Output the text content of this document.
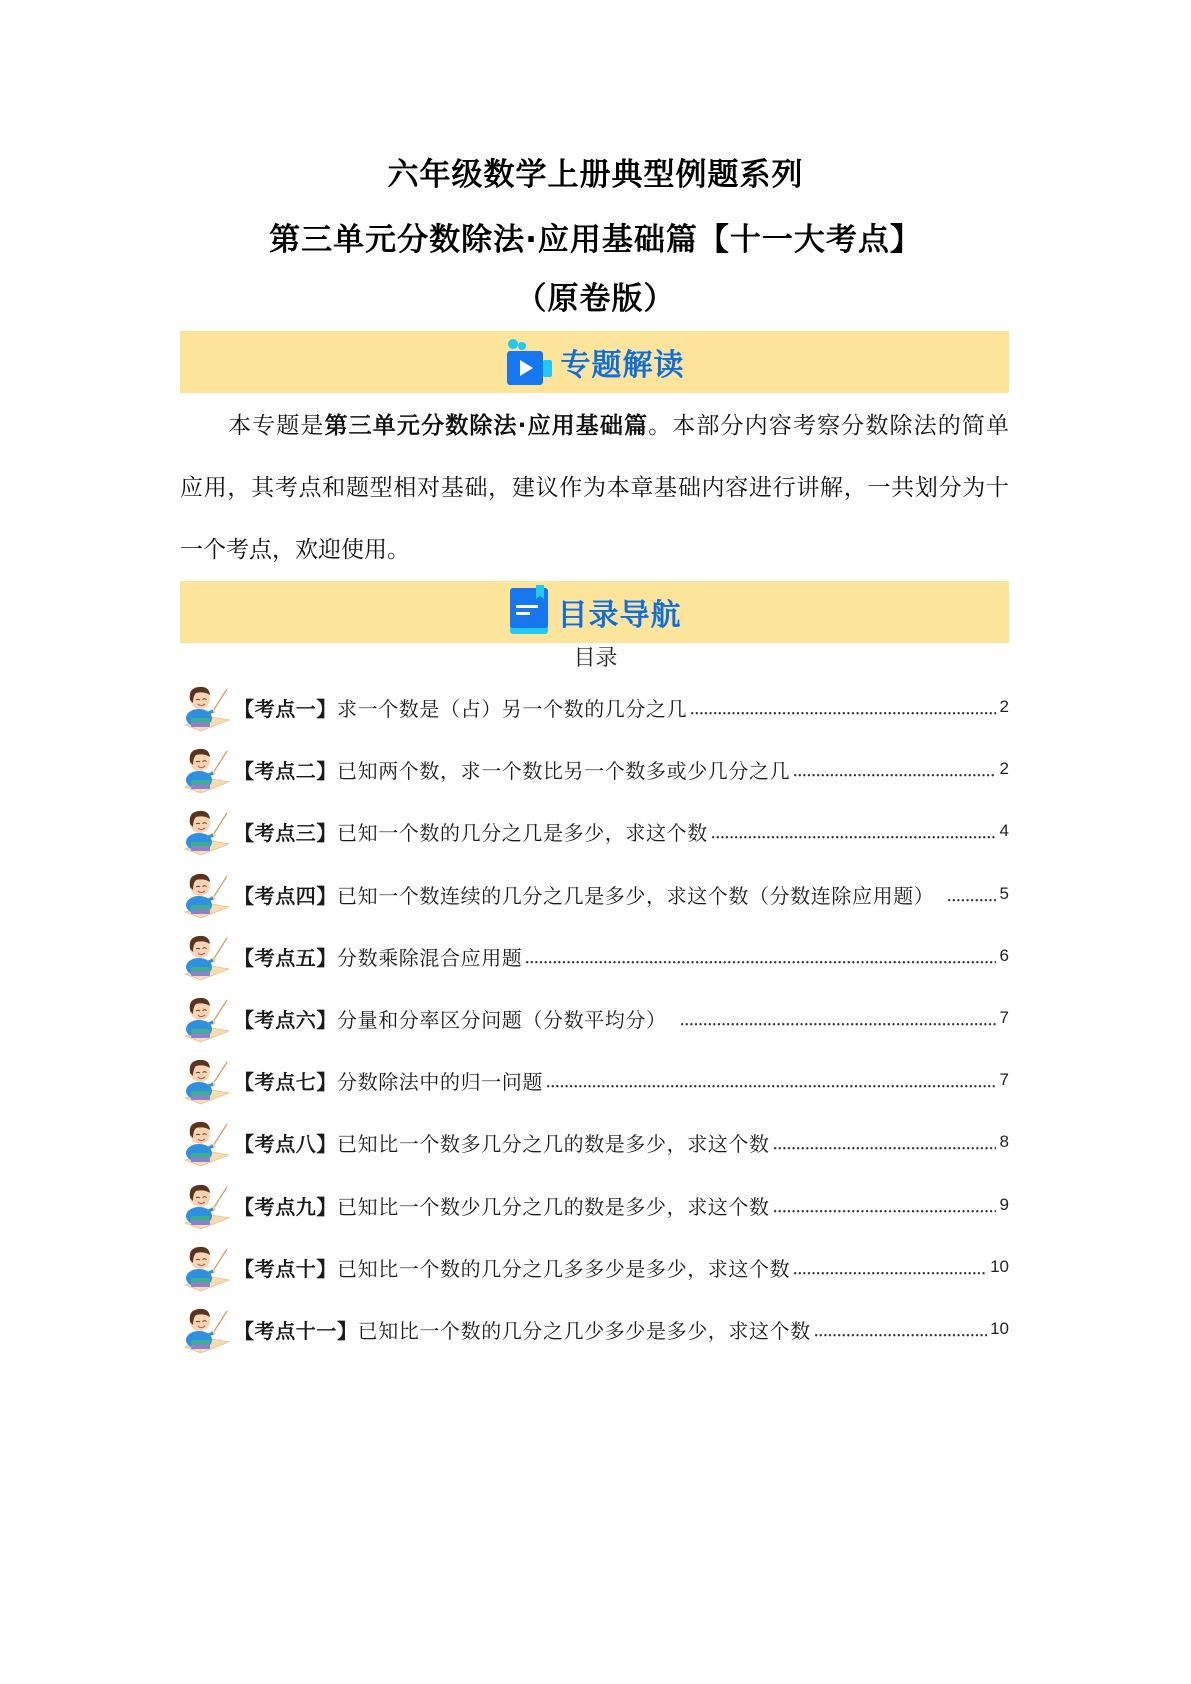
六年级数学上册典型例题系列
第三单元分数除法·应用基础篇【十一大考点】
（原卷版）
专题解读
本专题是第三单元分数除法·应用基础篇。本部分内容考察分数除法的简单
应用，其考点和题型相对基础，建议作为本章基础内容进行讲解，一共划分为十
一个考点，欢迎使用。
目录导航
目录
【考点一】 求一个数是（占）另一个数的几分之几	2
【考点二】 已知两个数，求一个数比另一个数多或少几分之几	2
【考点三】 已知一个数的几分之几是多少，求这个数	4
【考点四】 已知一个数连续的几分之几是多少，求这个数（分数连除应用题）	5
【考点五】 分数乘除混合应用题	6
【考点六】 分量和分率区分问题（分数平均分）	7
【考点七】 分数除法中的归一问题	7
【考点八】 已知比一个数多几分之几的数是多少，求这个数	8
【考点九】 已知比一个数少几分之几的数是多少，求这个数	9
【考点十】 已知比一个数的几分之几多多少是多少，求这个数	10
【考点十一】 已知比一个数的几分之几少多少是多少，求这个数	10
